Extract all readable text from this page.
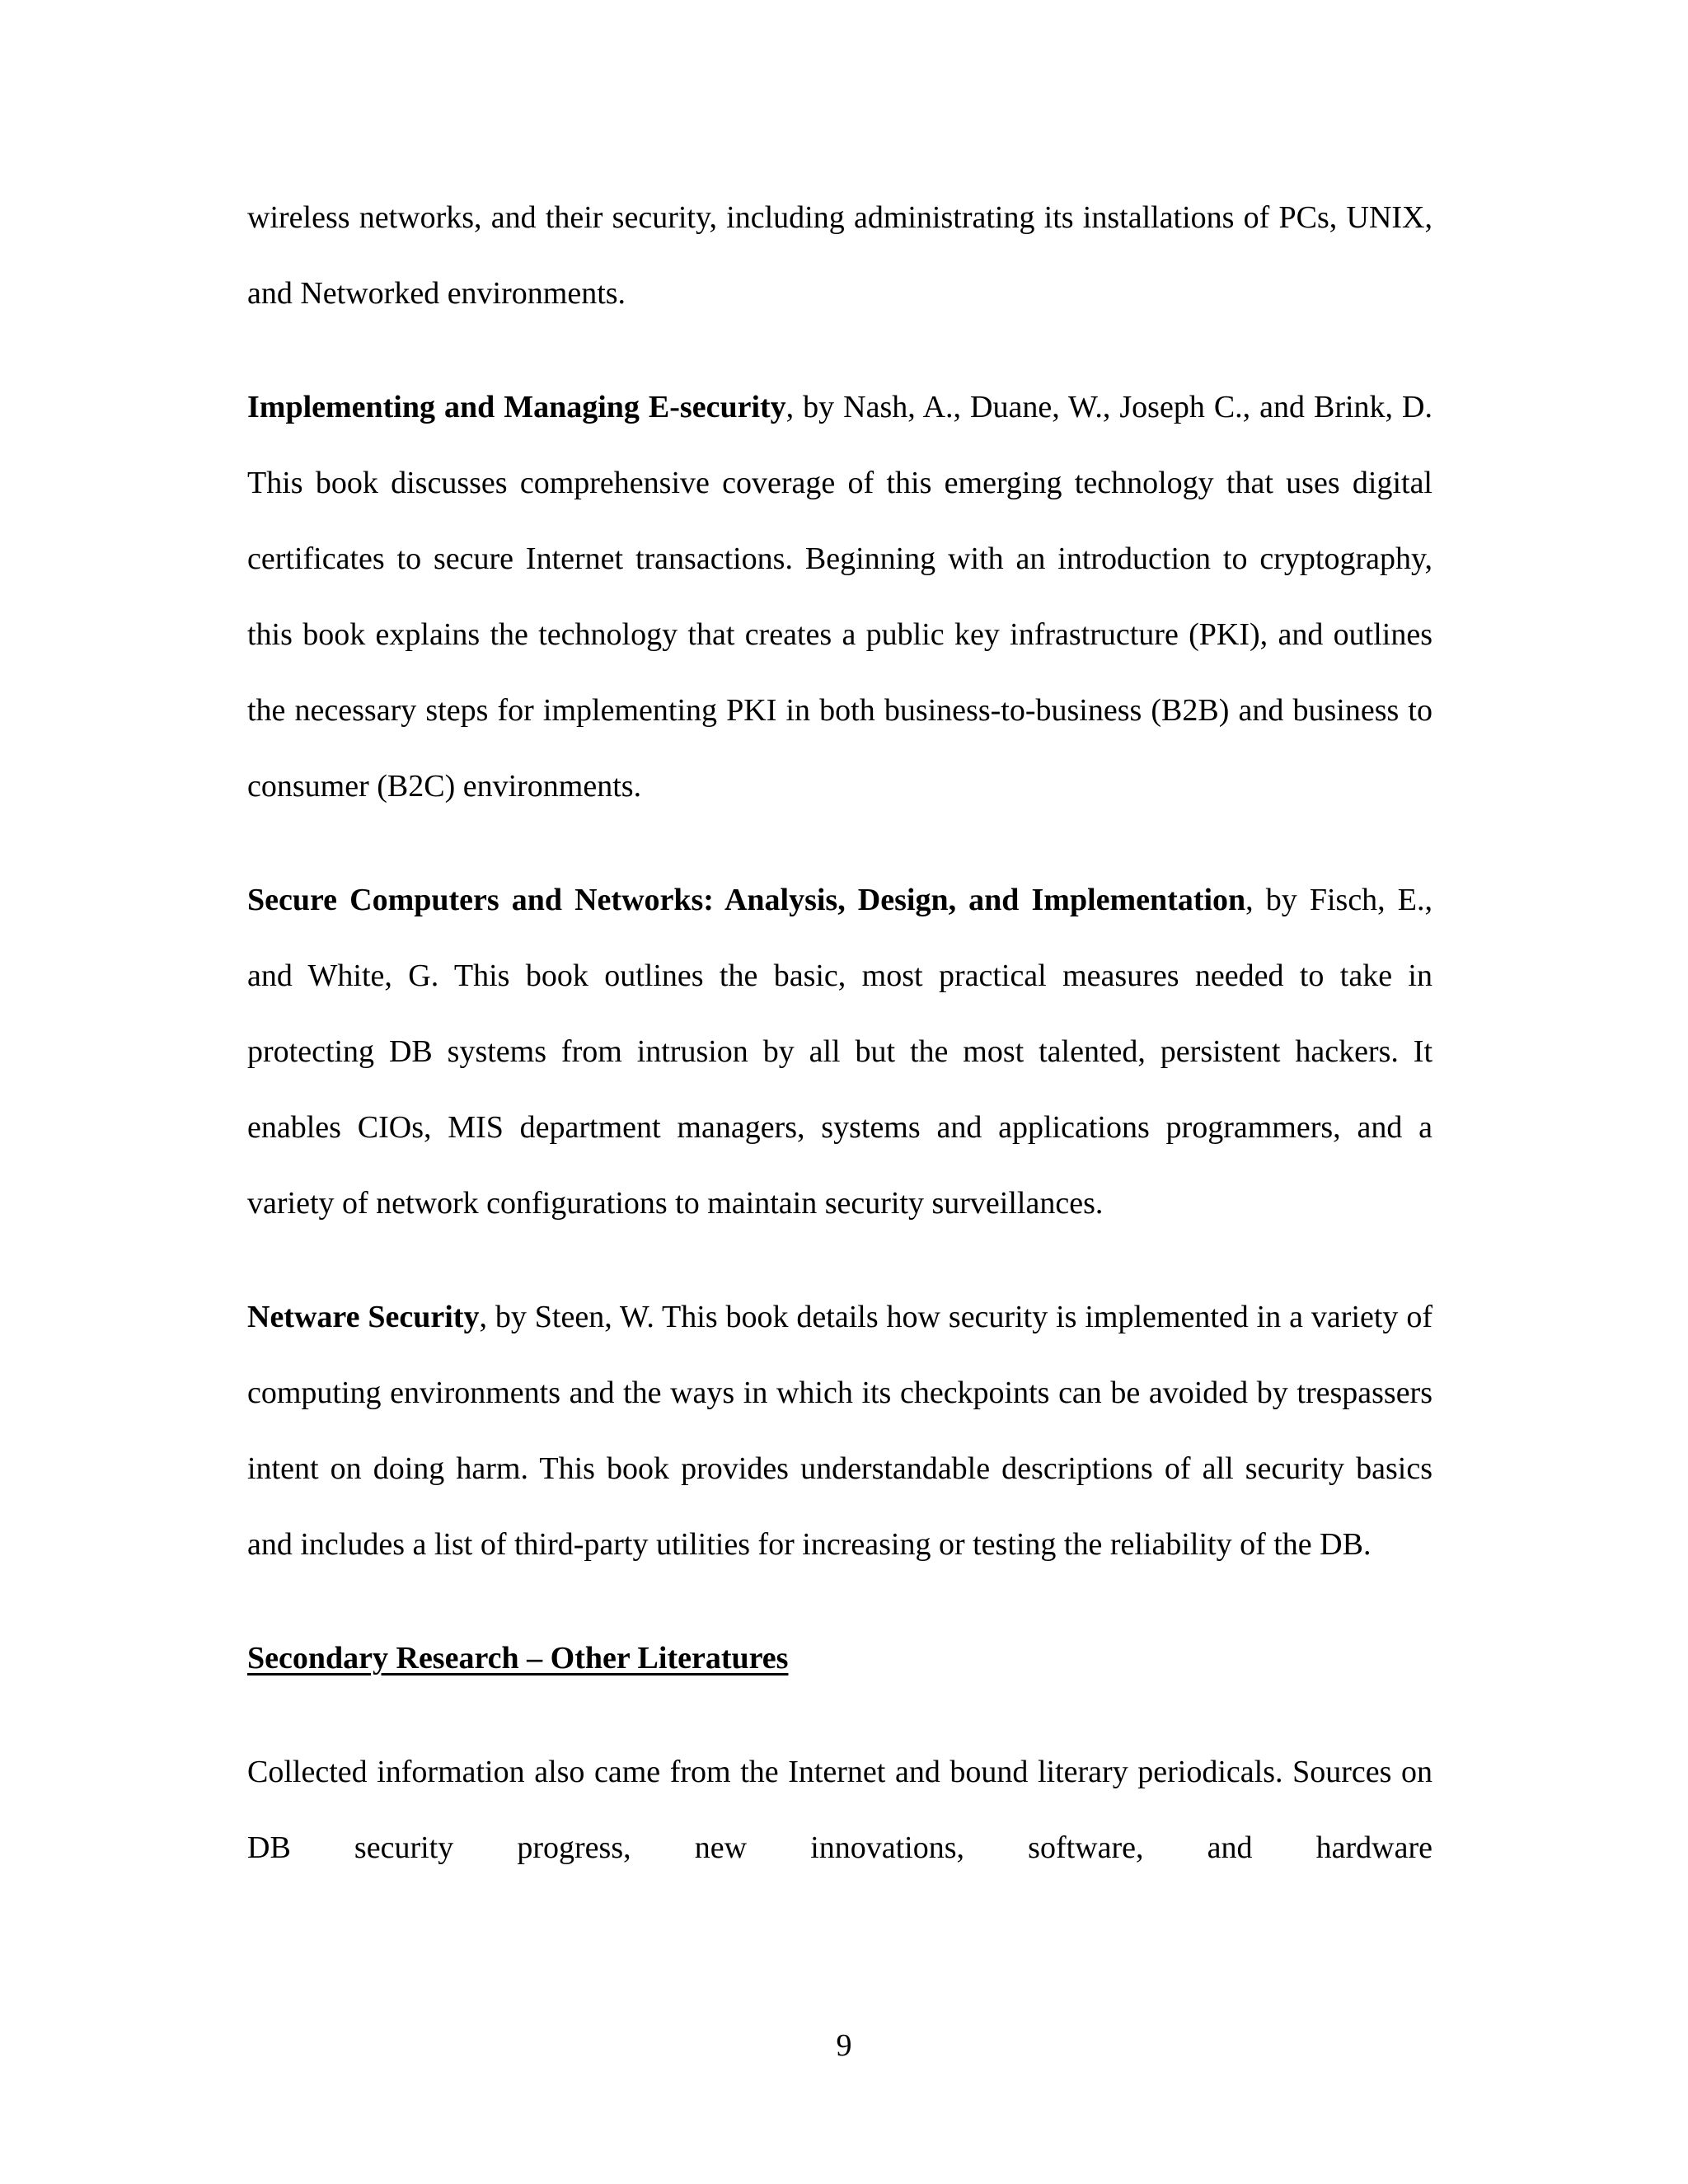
wireless networks, and their security, including administrating its installations of PCs, UNIX, and Networked environments.

Implementing and Managing E-security, by Nash, A., Duane, W., Joseph C., and Brink, D. This book discusses comprehensive coverage of this emerging technology that uses digital certificates to secure Internet transactions. Beginning with an introduction to cryptography, this book explains the technology that creates a public key infrastructure (PKI), and outlines the necessary steps for implementing PKI in both business-to-business (B2B) and business to consumer (B2C) environments.

Secure Computers and Networks: Analysis, Design, and Implementation, by Fisch, E., and White, G. This book outlines the basic, most practical measures needed to take in protecting DB systems from intrusion by all but the most talented, persistent hackers. It enables CIOs, MIS department managers, systems and applications programmers, and a variety of network configurations to maintain security surveillances.

Netware Security, by Steen, W. This book details how security is implemented in a variety of computing environments and the ways in which its checkpoints can be avoided by trespassers intent on doing harm. This book provides understandable descriptions of all security basics and includes a list of third-party utilities for increasing or testing the reliability of the DB.

Secondary Research – Other Literatures

Collected information also came from the Internet and bound literary periodicals. Sources on DB security progress, new innovations, software, and hardware

9
